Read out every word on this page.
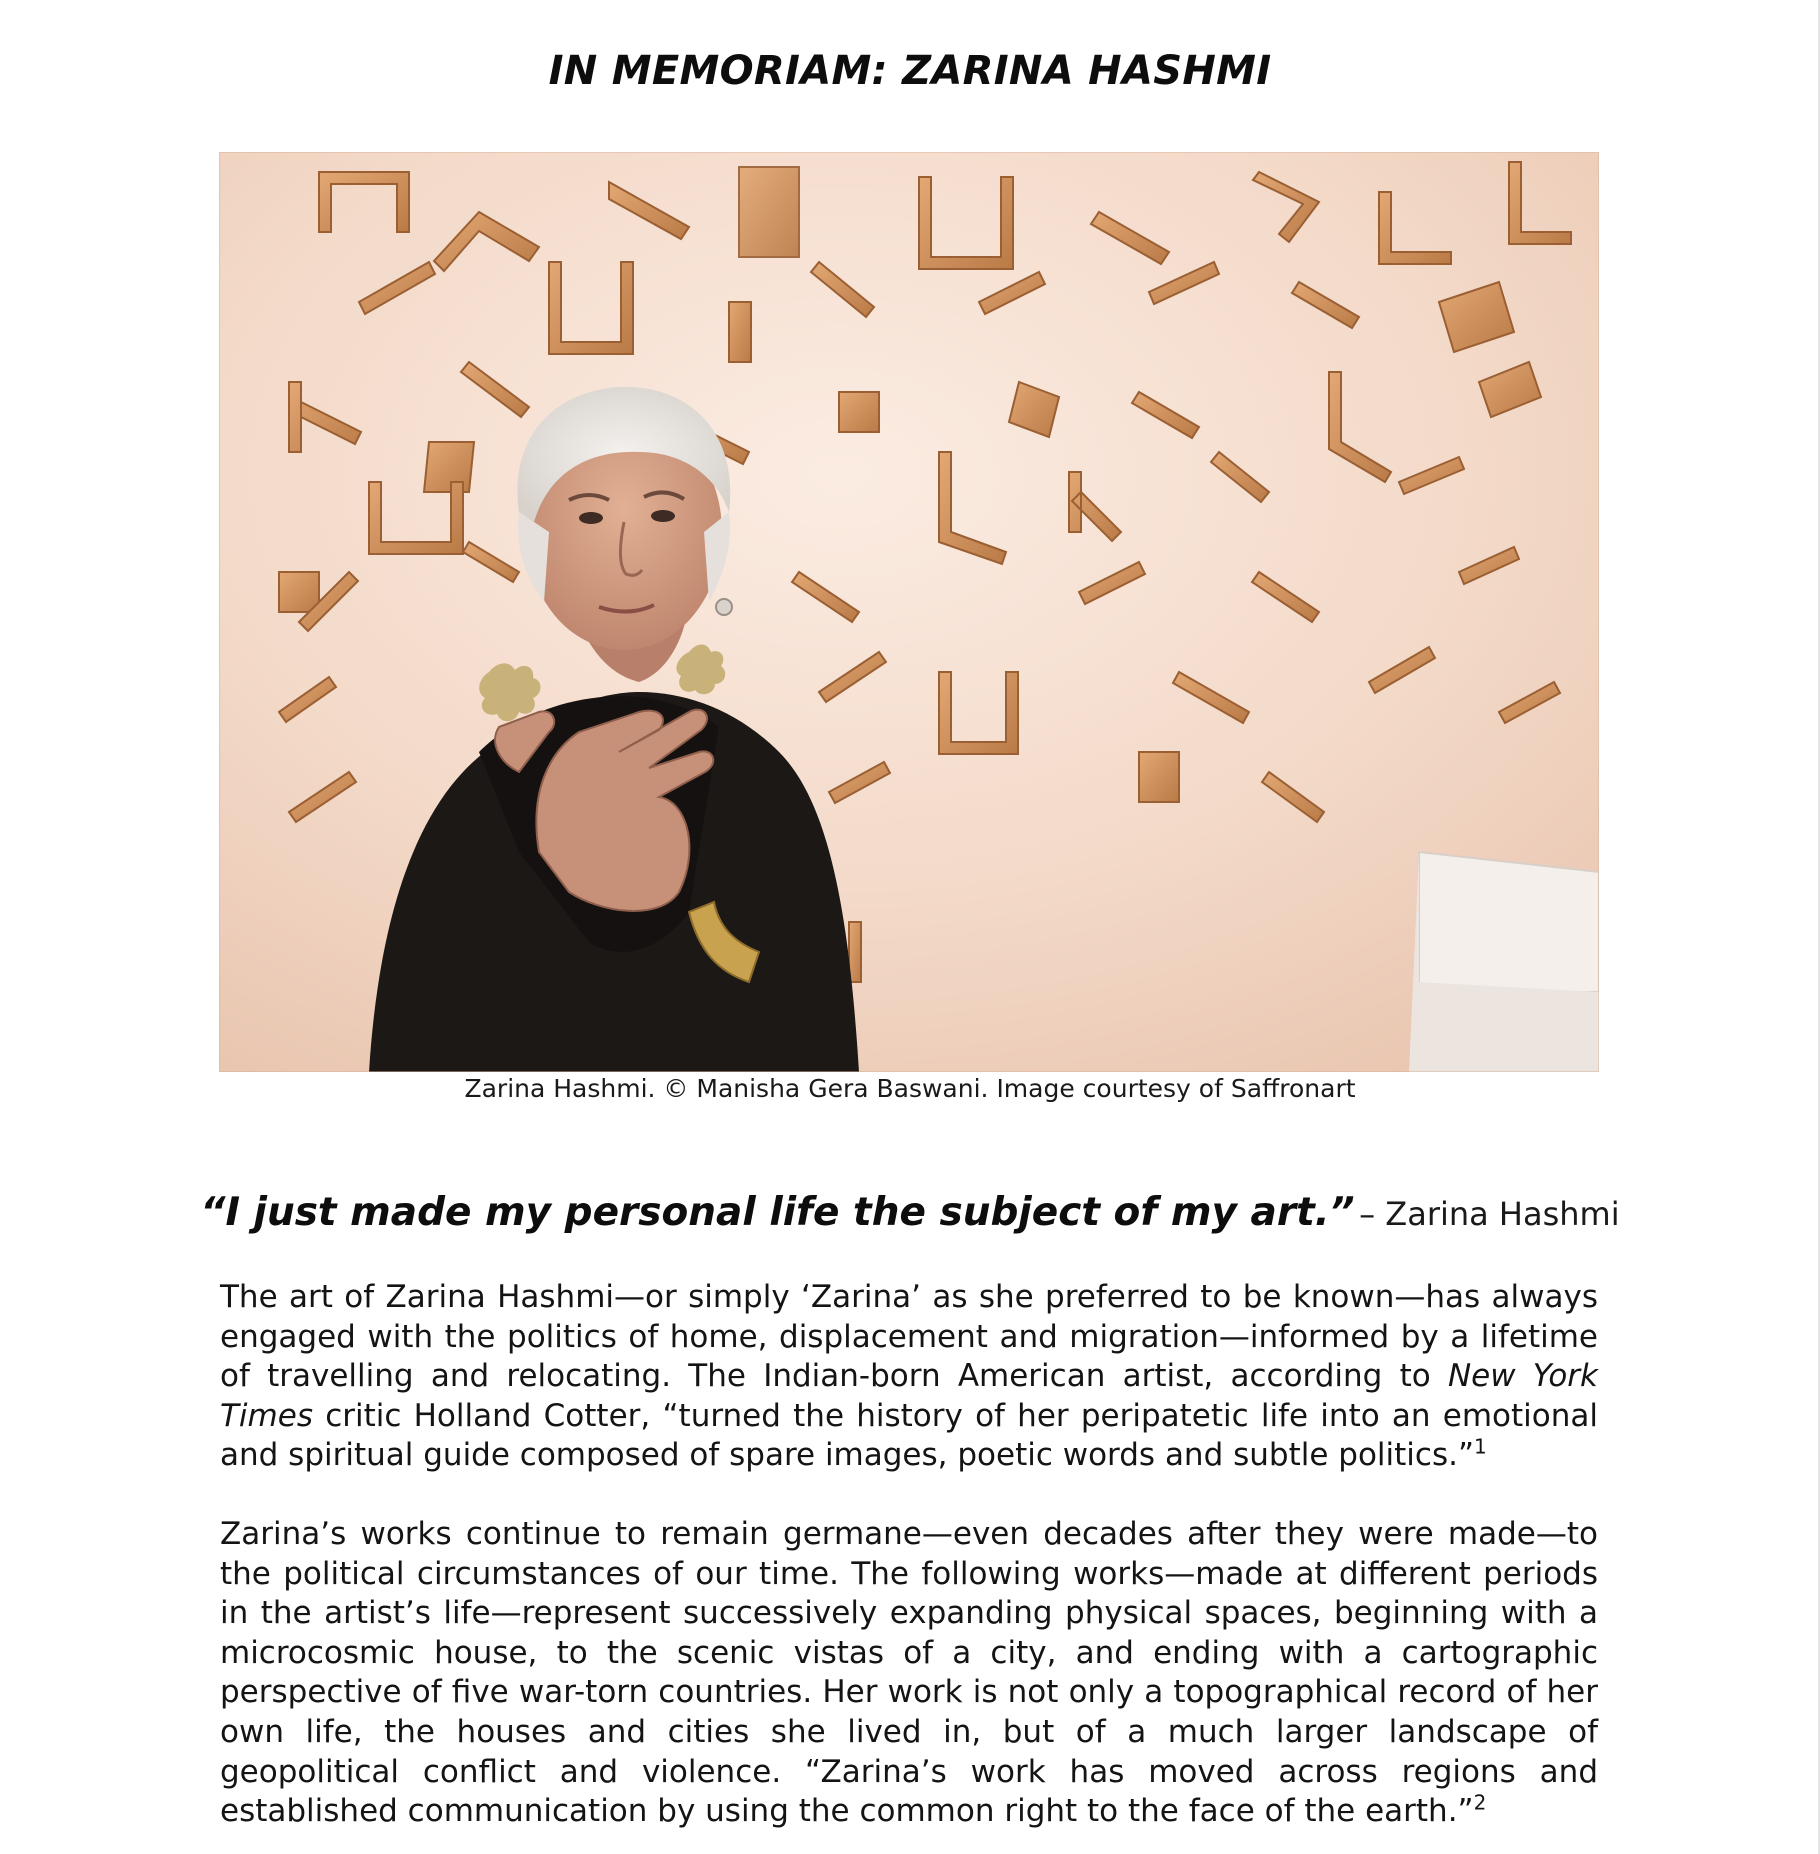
IN MEMORIAM: ZARINA HASHMI

Zarina Hashmi. © Manisha Gera Baswani. Image courtesy of Saffronart

“I just made my personal life the subject of my art.” – Zarina Hashmi

The art of Zarina Hashmi—or simply ‘Zarina’ as she preferred to be known—has always engaged with the politics of home, displacement and migration—informed by a lifetime of travelling and relocating. The Indian-born American artist, according to New York Times critic Holland Cotter, “turned the history of her peripatetic life into an emotional and spiritual guide composed of spare images, poetic words and subtle politics.”$^1$

Zarina’s works continue to remain germane—even decades after they were made—to the political circumstances of our time. The following works—made at different periods in the artist’s life—represent successively expanding physical spaces, beginning with a microcosmic house, to the scenic vistas of a city, and ending with a cartographic perspective of five war-torn countries. Her work is not only a topographical record of her own life, the houses and cities she lived in, but of a much larger landscape of geopolitical conflict and violence. “Zarina’s work has moved across regions and established communication by using the common right to the face of the earth.”$^2$
